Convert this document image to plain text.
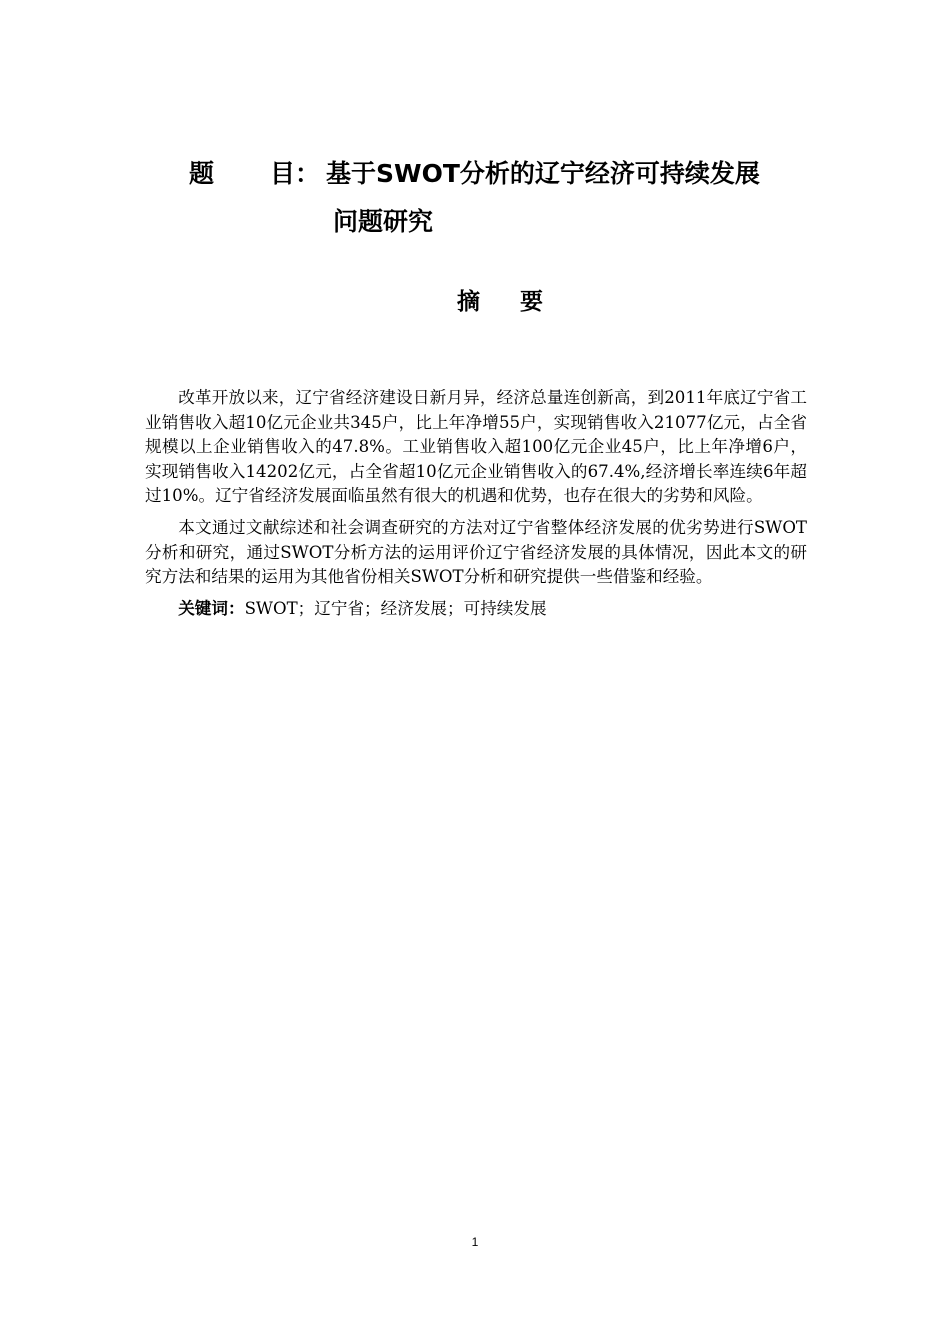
题 目： 基于SWOT分析的辽宁经济可持续发展
问题研究
摘 要

改革开放以来，辽宁省经济建设日新月异，经济总量连创新高，到2011年底辽宁省工业销售收入超10亿元企业共345户，比上年净增55户，实现销售收入21077亿元，占全省规模以上企业销售收入的47.8%。工业销售收入超100亿元企业45户，比上年净增6户，实现销售收入14202亿元，占全省超10亿元企业销售收入的67.4%,经济增长率连续6年超过10%。辽宁省经济发展面临虽然有很大的机遇和优势，也存在很大的劣势和风险。

本文通过文献综述和社会调查研究的方法对辽宁省整体经济发展的优劣势进行SWOT分析和研究，通过SWOT分析方法的运用评价辽宁省经济发展的具体情况，因此本文的研究方法和结果的运用为其他省份相关SWOT分析和研究提供一些借鉴和经验。

关键词：SWOT；辽宁省；经济发展；可持续发展

1
